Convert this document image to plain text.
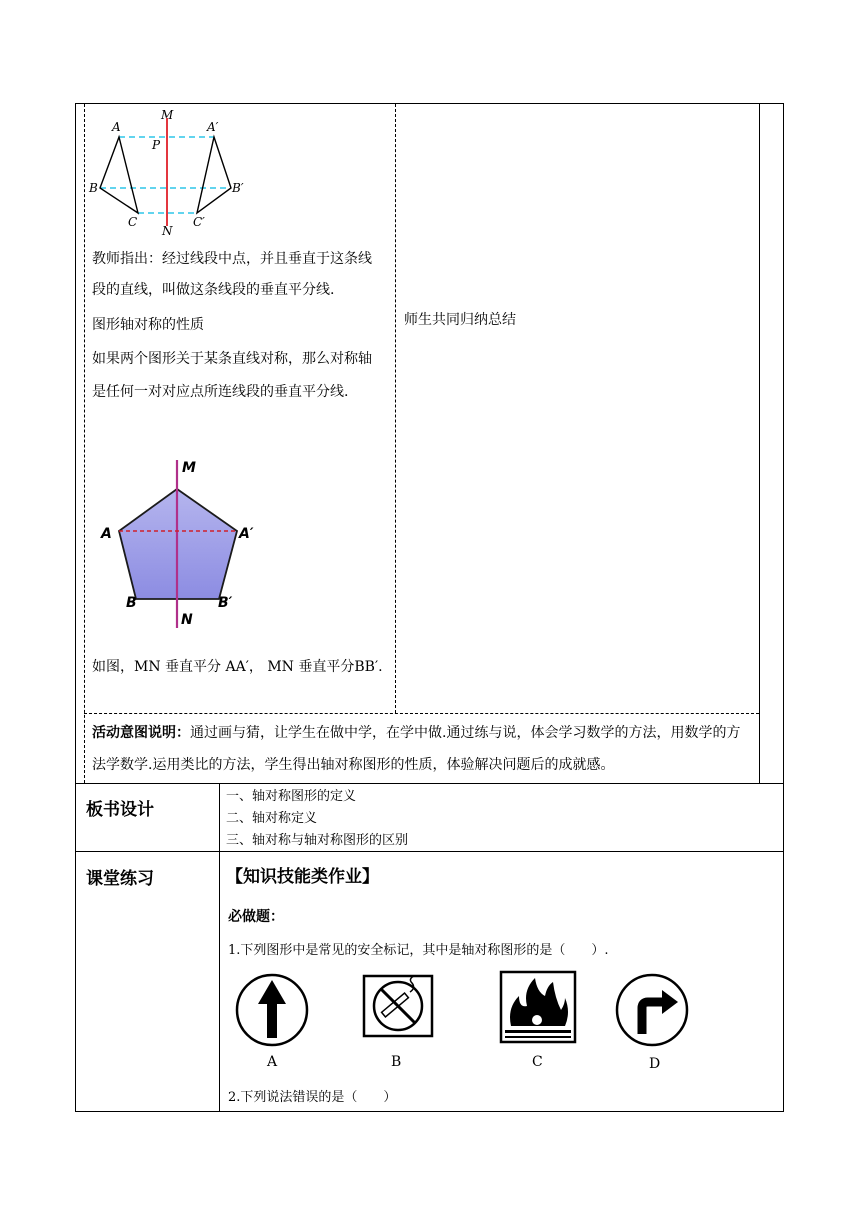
M
P
N
A
B
C
A′
B′
C′
教师指出：经过线段中点，并且垂直于这条线段的直线，叫做这条线段的垂直平分线.
图形轴对称的性质
如果两个图形关于某条直线对称，那么对称轴是任何一对对应点所连线段的垂直平分线.
M
A	A′
B	B′
N
如图，MN 垂直平分 AA′， MN 垂直平分BB′.
师生共同归纳总结
活动意图说明：通过画与猜，让学生在做中学，在学中做.通过练与说，体会学习数学的方法，用数学的方法学数学.运用类比的方法，学生得出轴对称图形的性质，体验解决问题后的成就感。
板书设计
一、轴对称图形的定义
二、轴对称定义
三、轴对称与轴对称图形的区别
课堂练习	【知识技能类作业】
必做题：
1.下列图形中是常见的安全标记，其中是轴对称图形的是（　　）.
A	B	C	D
2.下列说法错误的是（　　）
